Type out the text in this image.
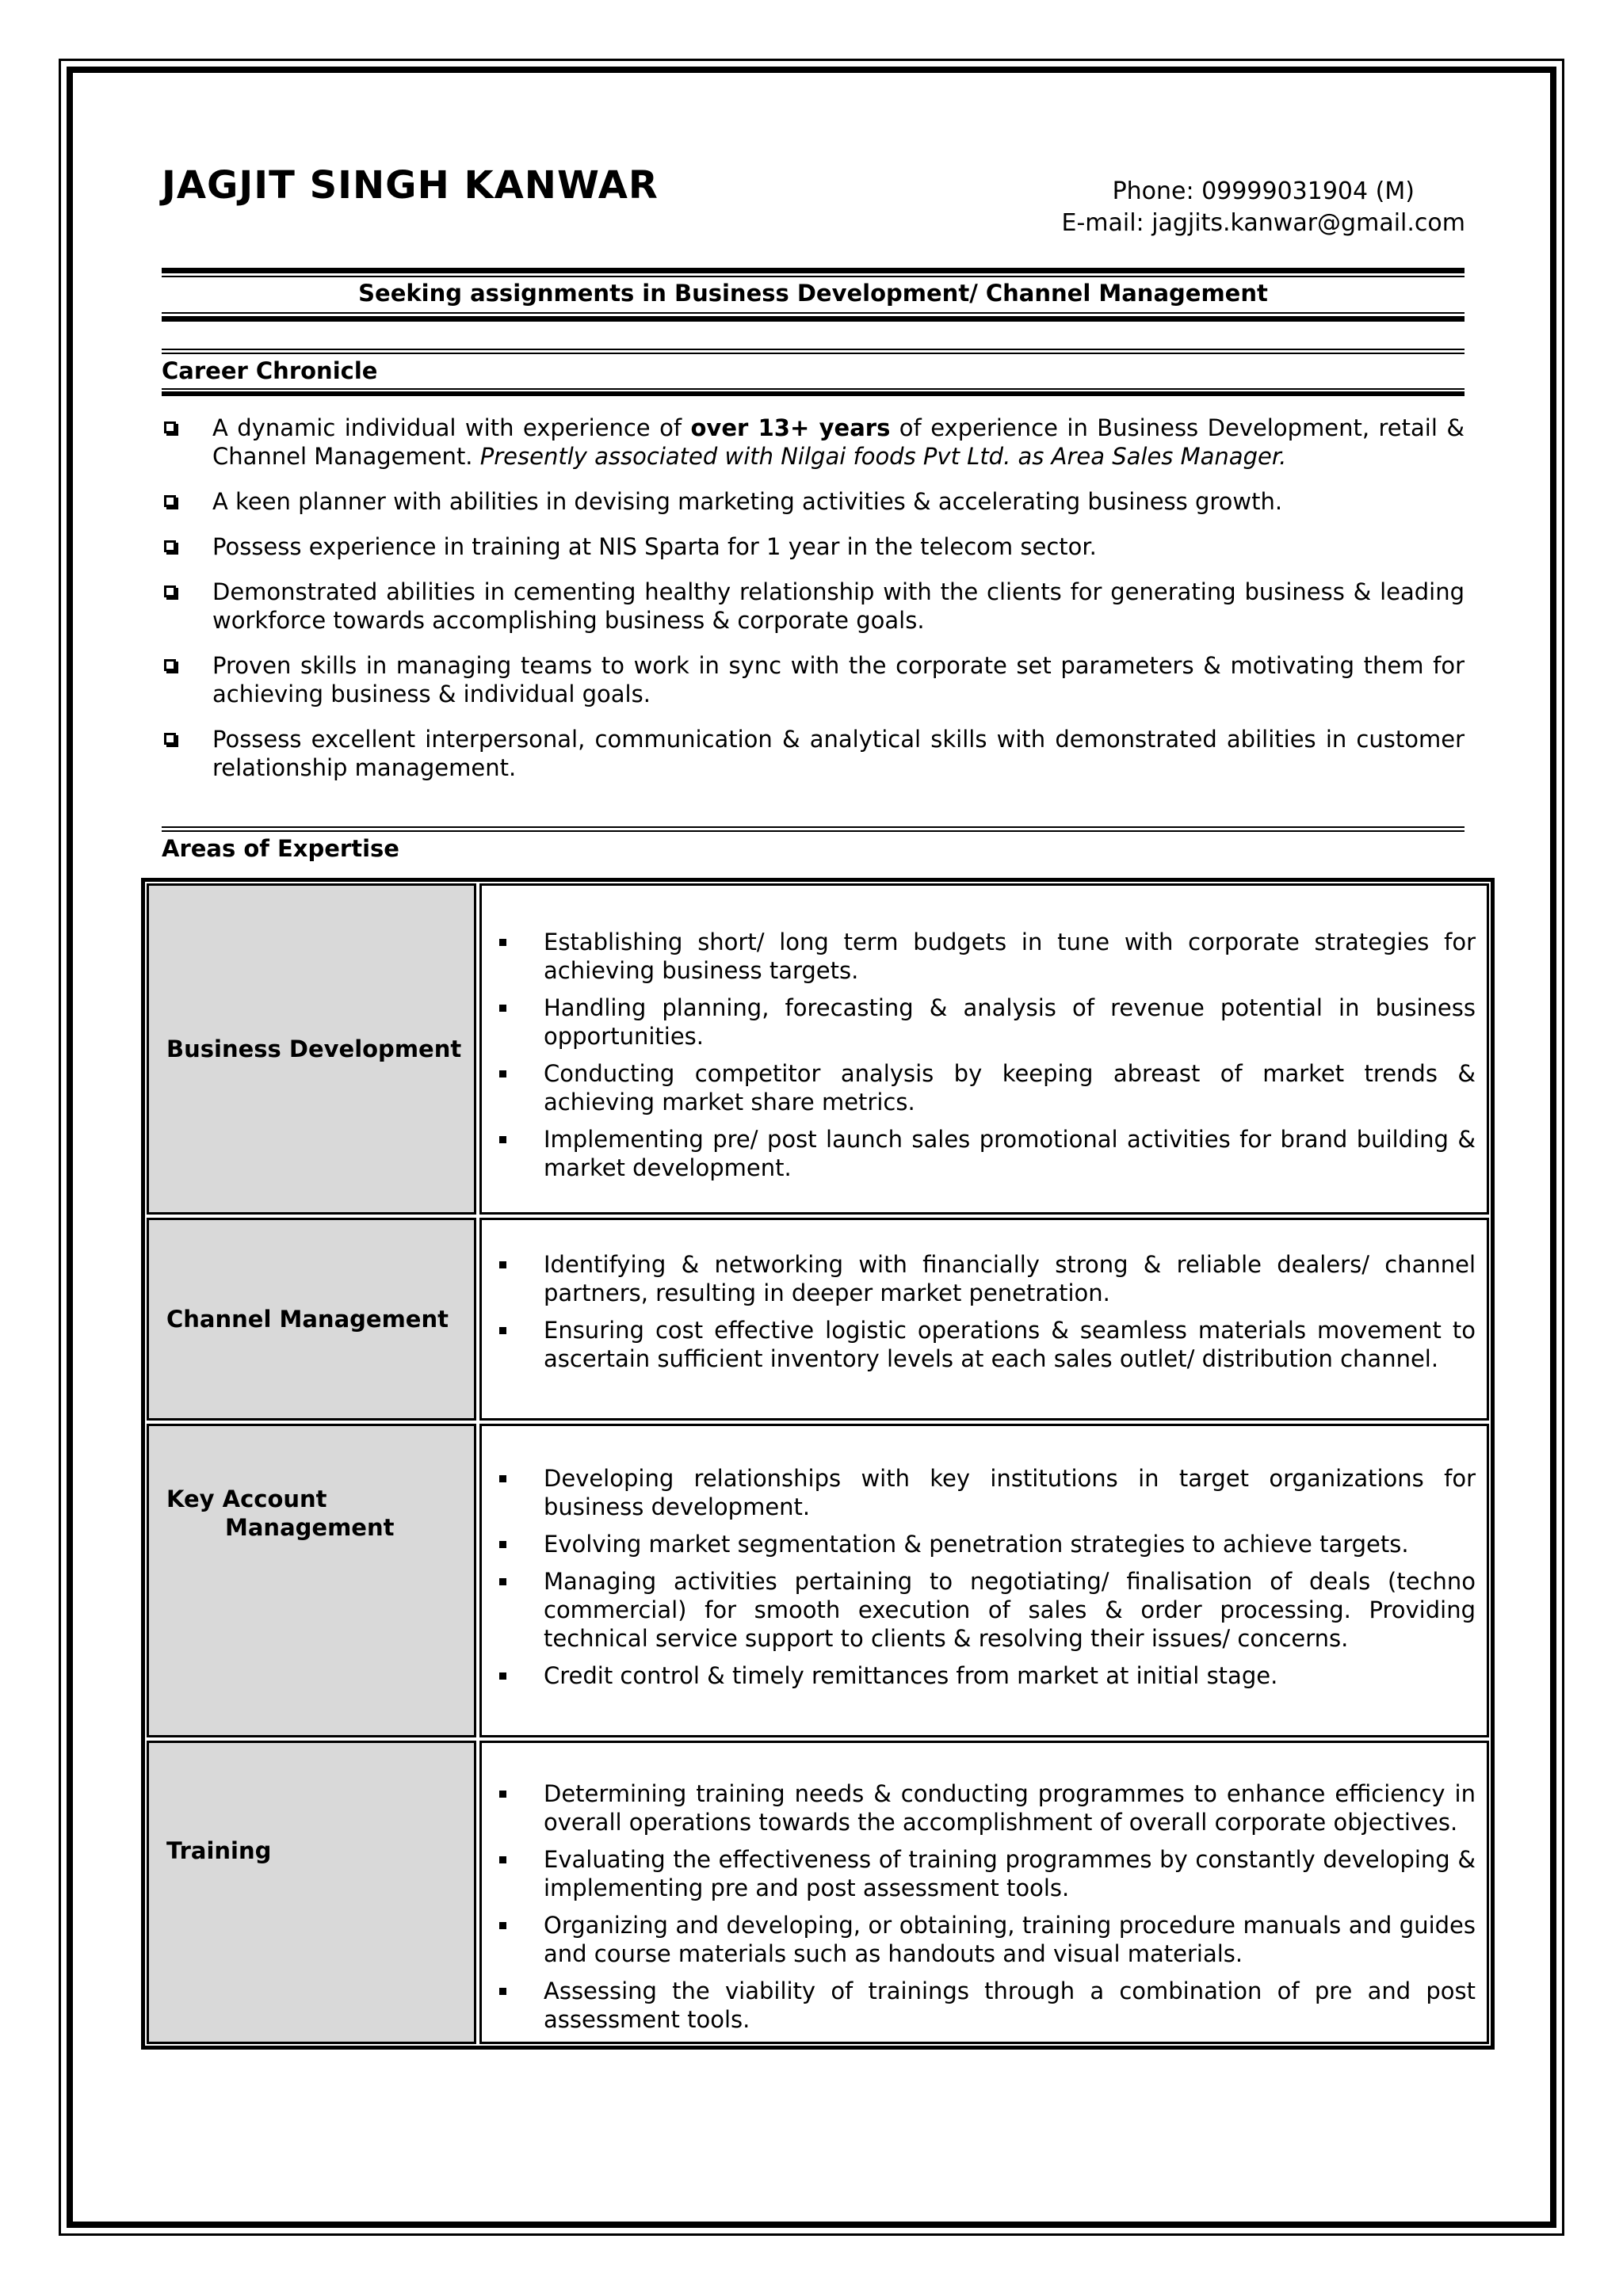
JAGJIT SINGH KANWAR	Phone: 09999031904 (M)
E-mail: jagjits.kanwar@gmail.com
Seeking assignments in Business Development/ Channel Management
Career Chronicle
A dynamic individual with experience of over 13+ years of experience in Business Development, retail & Channel Management. Presently associated with Nilgai foods Pvt Ltd. as Area Sales Manager.
A keen planner with abilities in devising marketing activities & accelerating business growth.
Possess experience in training at NIS Sparta for 1 year in the telecom sector.
Demonstrated abilities in cementing healthy relationship with the clients for generating business & leading workforce towards accomplishing business & corporate goals.
Proven skills in managing teams to work in sync with the corporate set parameters & motivating them for achieving business & individual goals.
Possess excellent interpersonal, communication & analytical skills with demonstrated abilities in customer relationship management.
Areas of Expertise
Business Development
Establishing short/ long term budgets in tune with corporate strategies for achieving business targets.
Handling planning, forecasting & analysis of revenue potential in business opportunities.
Conducting competitor analysis by keeping abreast of market trends & achieving market share metrics.
Implementing pre/ post launch sales promotional activities for brand building & market development.
Channel Management
Identifying & networking with financially strong & reliable dealers/ channel partners, resulting in deeper market penetration.
Ensuring cost effective logistic operations & seamless materials movement to ascertain sufficient inventory levels at each sales outlet/ distribution channel.
Key Account
Management
Developing relationships with key institutions in target organizations for business development.
Evolving market segmentation & penetration strategies to achieve targets.
Managing activities pertaining to negotiating/ finalisation of deals (techno commercial) for smooth execution of sales & order processing. Providing technical service support to clients & resolving their issues/ concerns.
Credit control & timely remittances from market at initial stage.
Training
Determining training needs & conducting programmes to enhance efficiency in overall operations towards the accomplishment of overall corporate objectives.
Evaluating the effectiveness of training programmes by constantly developing & implementing pre and post assessment tools.
Organizing and developing, or obtaining, training procedure manuals and guides and course materials such as handouts and visual materials.
Assessing the viability of trainings through a combination of pre and post assessment tools.
